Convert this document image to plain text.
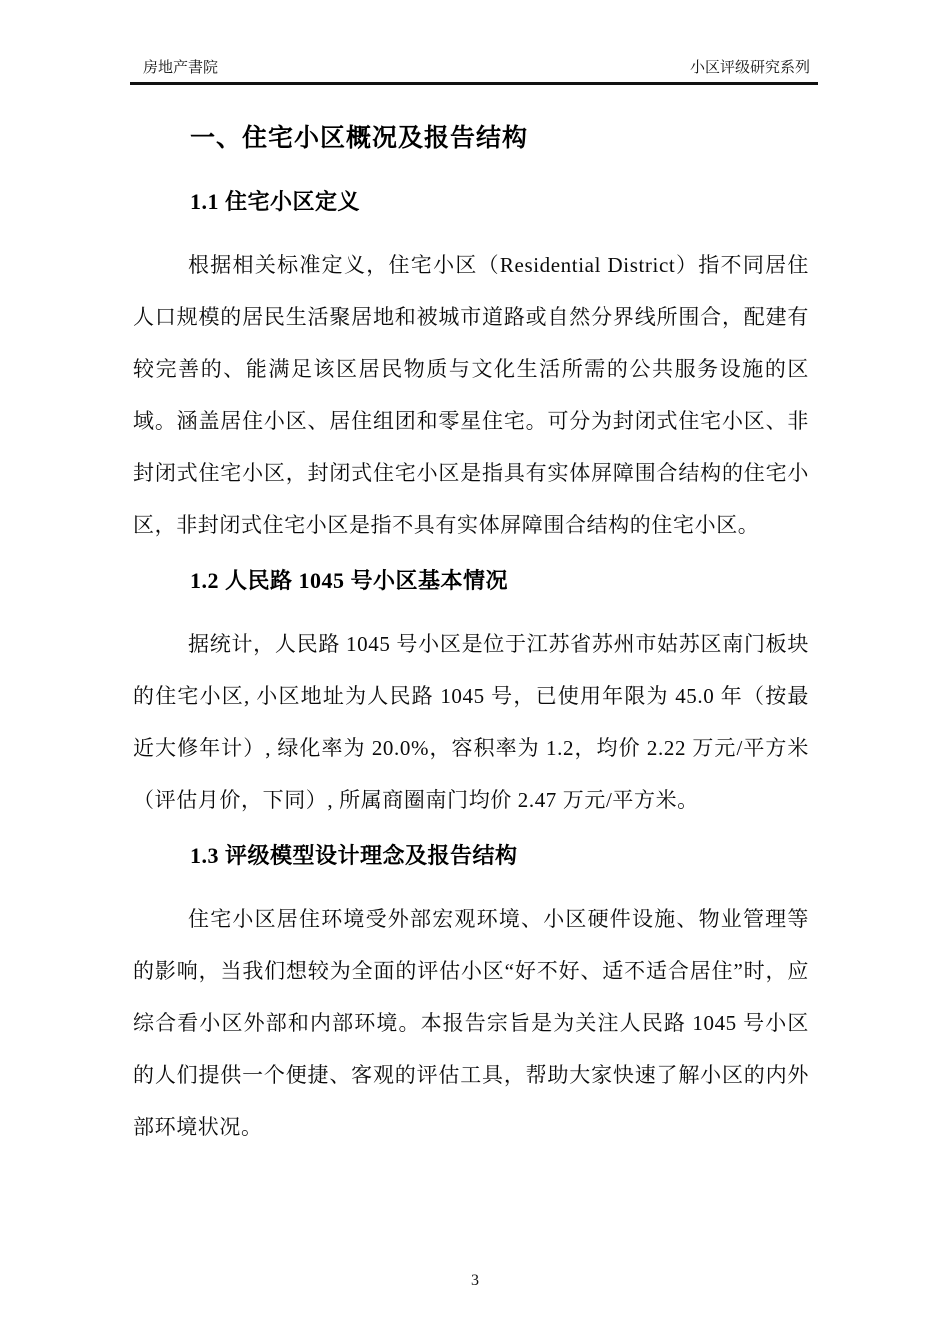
房地产書院	小区评级研究系列
一、住宅小区概况及报告结构
1.1 住宅小区定义

根据相关标准定义，住宅小区（Residential District）指不同居住人口规模的居民生活聚居地和被城市道路或自然分界线所围合，配建有较完善的、能满足该区居民物质与文化生活所需的公共服务设施的区域。涵盖居住小区、居住组团和零星住宅。可分为封闭式住宅小区、非封闭式住宅小区，封闭式住宅小区是指具有实体屏障围合结构的住宅小区，非封闭式住宅小区是指不具有实体屏障围合结构的住宅小区。

1.2 人民路 1045 号小区基本情况

据统计，人民路 1045 号小区是位于江苏省苏州市姑苏区南门板块的住宅小区, 小区地址为人民路 1045 号，已使用年限为 45.0 年（按最近大修年计）, 绿化率为 20.0%，容积率为 1.2，均价 2.22 万元/平方米（评估月价，下同）, 所属商圈南门均价 2.47 万元/平方米。

1.3 评级模型设计理念及报告结构

住宅小区居住环境受外部宏观环境、小区硬件设施、物业管理等的影响，当我们想较为全面的评估小区“好不好、适不适合居住”时，应综合看小区外部和内部环境。本报告宗旨是为关注人民路 1045 号小区的人们提供一个便捷、客观的评估工具，帮助大家快速了解小区的内外部环境状况。

3
